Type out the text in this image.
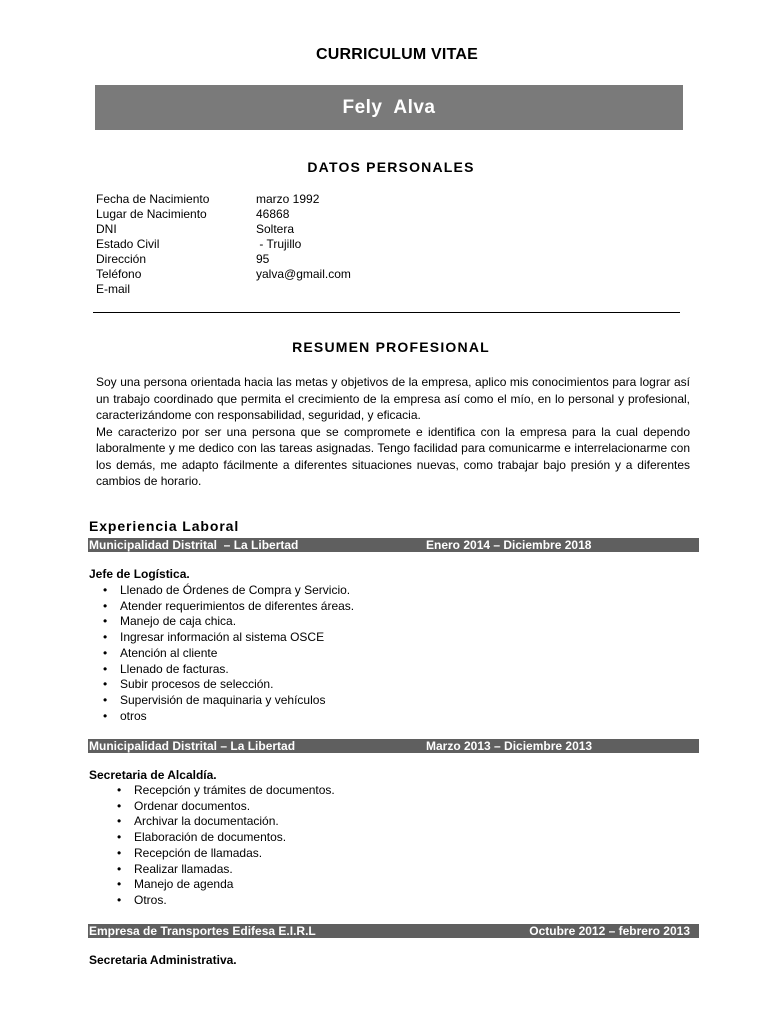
CURRICULUM VITAE
Fely  Alva
DATOS PERSONALES
Fecha de Nacimiento	marzo 1992
Lugar de Nacimiento	46868
DNI	Soltera
Estado Civil	- Trujillo
Dirección	95
Teléfono	yalva@gmail.com
E-mail
RESUMEN PROFESIONAL

Soy una persona orientada hacia las metas y objetivos de la empresa, aplico mis conocimientos para lograr así un trabajo coordinado que permita el crecimiento de la empresa así como el mío, en lo personal y profesional, caracterizándome con responsabilidad, seguridad, y eficacia.

Me caracterizo por ser una persona que se compromete e identifica con la empresa para la cual dependo laboralmente y me dedico con las tareas asignadas. Tengo facilidad para comunicarme e interrelacionarme con los demás, me adapto fácilmente a diferentes situaciones nuevas, como trabajar bajo presión y a diferentes cambios de horario.

Experiencia Laboral
Municipalidad Distrital  – La Libertad	Enero 2014 – Diciembre 2018
Jefe de Logística.
• Llenado de Órdenes de Compra y Servicio.
• Atender requerimientos de diferentes áreas.
• Manejo de caja chica.
• Ingresar información al sistema OSCE
• Atención al cliente
• Llenado de facturas.
• Subir procesos de selección.
• Supervisión de maquinaria y vehículos
• otros
Municipalidad Distrital – La Libertad	Marzo 2013 – Diciembre 2013
Secretaria de Alcaldía.
• Recepción y trámites de documentos.
• Ordenar documentos.
• Archivar la documentación.
• Elaboración de documentos.
• Recepción de llamadas.
• Realizar llamadas.
• Manejo de agenda
• Otros.
Empresa de Transportes Edifesa E.I.R.L	Octubre 2012 – febrero 2013
Secretaria Administrativa.
